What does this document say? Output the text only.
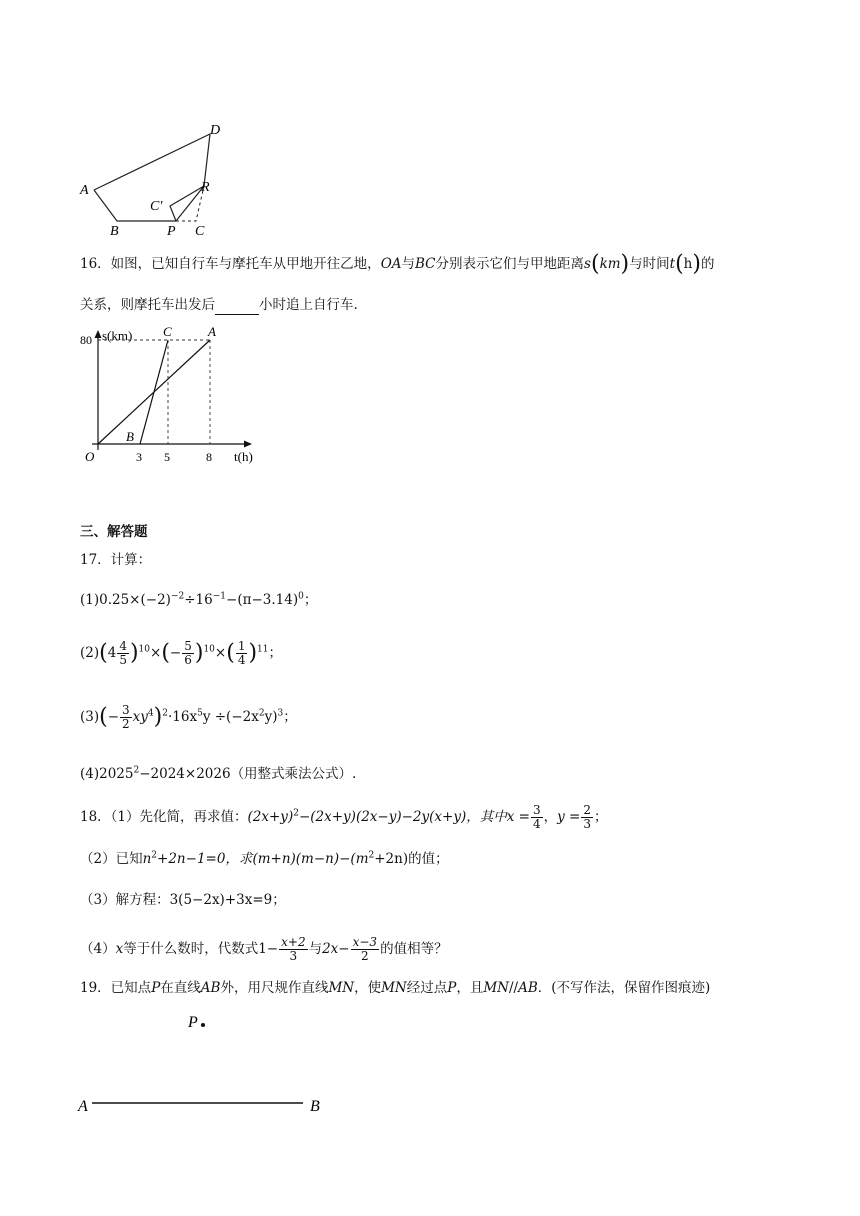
D
A	R
C′
B	P C
16．如图，已知自行车与摩托车从甲地开往乙地，OA与BC分别表示它们与甲地距离s(km)与时间t(h)的
关系，则摩托车出发后	小时追上自行车.
s(km)
t(h)
O
80
3 5	8
A
C
B
三、解答题
17．计算：
$(1)0.25\times(-2)^{-2}\div 16^{-1}-(\pi-3.14)^0$；
$(2)(4 \frac{4}{5} )^{10}\times(- \frac{5}{6} )^{10}\times( \frac{1}{4} )^{11}$；
$(3)(- \frac{3}{2} xy^4)^2\cdot 16x^5y \div(-2x^2y)^3$；
$(4)2025^2-2024\times 2026$（用整式乘法公式）.
18．（1）先化简，再求值：$(2x+y)^2-(2x+y)(2x-y)-2y(x+y)$，其中$x = \frac{3}{4}$ ，$y = \frac{2}{3}$ ；
（2）已知$n^2+2n-1=0$，求$(m+n)(m-n)-(m^2+2n)$的值；
（3）解方程：3(5−2x)+3x=9；
（4）x等于什么数时，代数式$1- \frac{x+2}{3}$ 与$2x- \frac{x-3}{2}$ 的值相等？
19．已知点P在直线AB外，用尺规作直线MN，使MN经过点P，且MN//AB．(不写作法，保留作图痕迹)
P
A	B
